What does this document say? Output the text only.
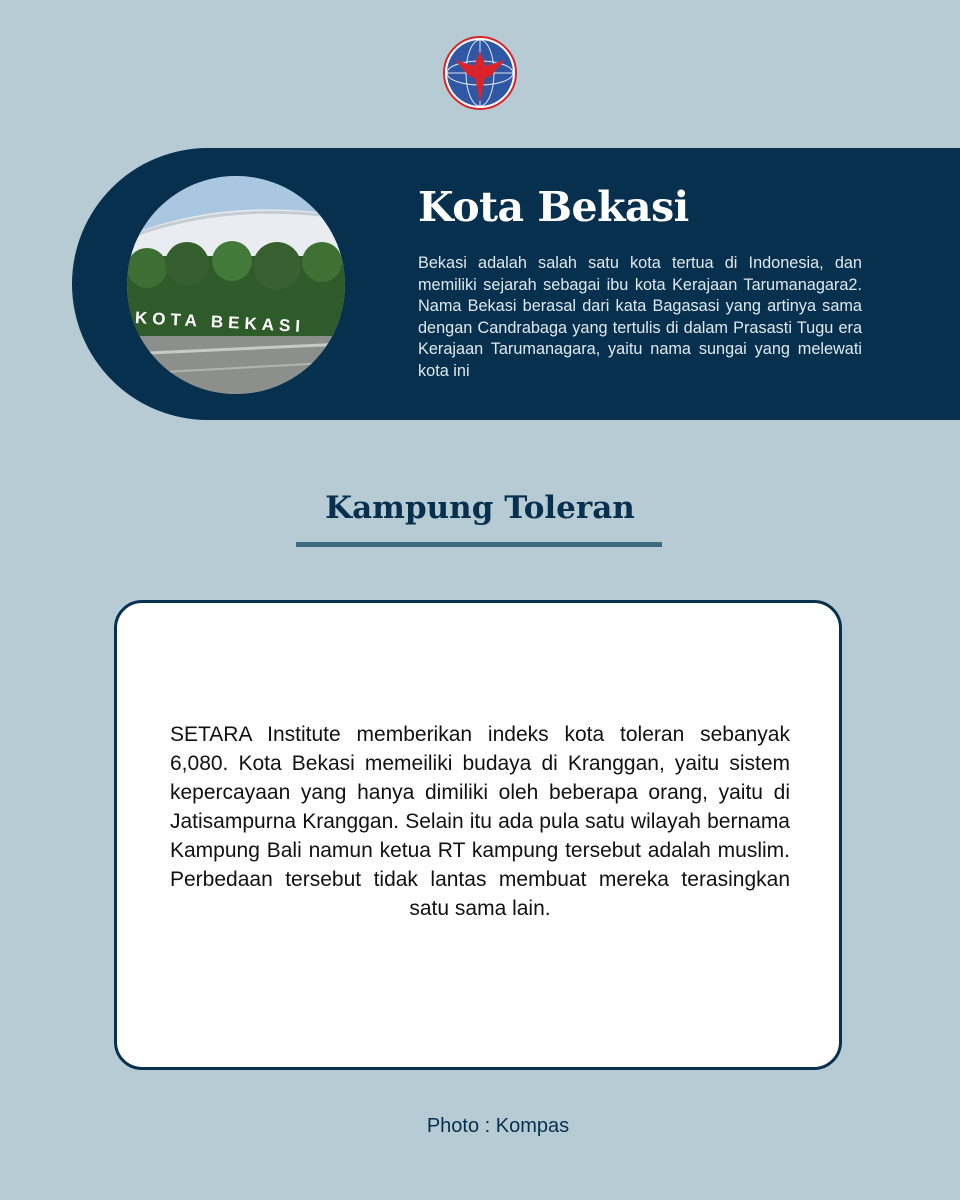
KOTA BEKASI
Kota Bekasi

Bekasi adalah salah satu kota tertua di Indonesia, dan memiliki sejarah sebagai ibu kota Kerajaan Tarumanagara2. Nama Bekasi berasal dari kata Bagasasi yang artinya sama dengan Candrabaga yang tertulis di dalam Prasasti Tugu era Kerajaan Tarumanagara, yaitu nama sungai yang melewati kota ini

Kampung Toleran

SETARA Institute memberikan indeks kota toleran sebanyak 6,080. Kota Bekasi memeiliki budaya di Kranggan, yaitu sistem kepercayaan yang hanya dimiliki oleh beberapa orang, yaitu di Jatisampurna Kranggan. Selain itu ada pula satu wilayah bernama Kampung Bali namun ketua RT kampung tersebut adalah muslim. Perbedaan tersebut tidak lantas membuat mereka terasingkan satu sama lain.

Photo : Kompas
